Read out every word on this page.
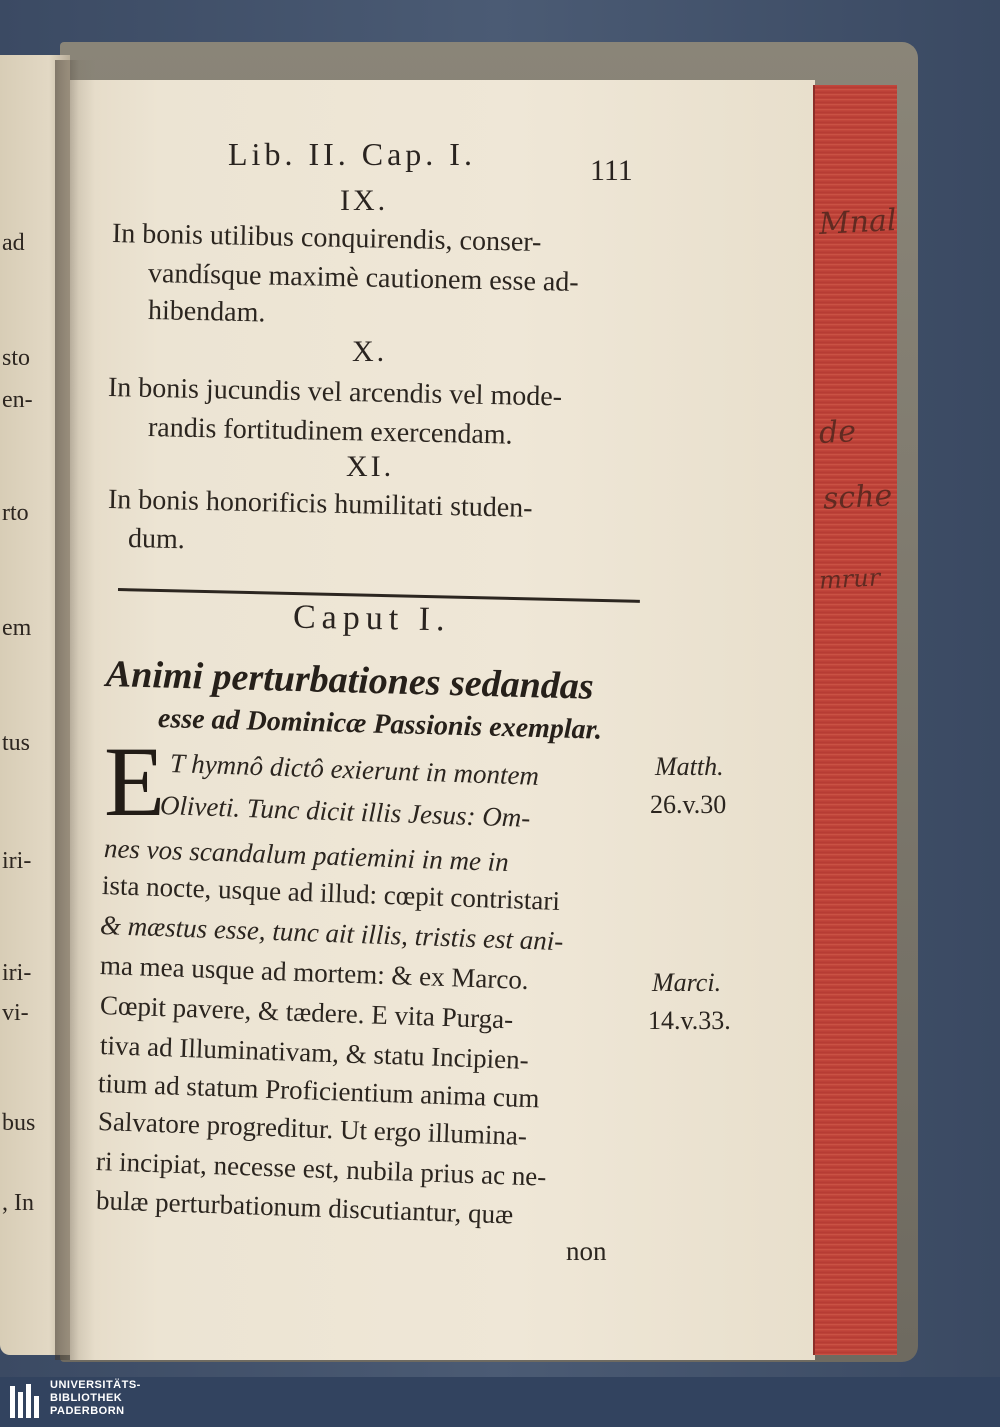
ad
sto
en-
rto
em
tus
iri-
iri-
vi-
bus
, In
Mnal
de
sche
mrur
Lib. II. Cap. I.	111
IX.
In bonis utilibus conquirendis, conser-
vandísque maximè cautionem esse ad-
hibendam.
X.
In bonis jucundis vel arcendis vel mode-
randis fortitudinem exercendam.
XI.
In bonis honorificis humilitati studen-
dum.
Caput I.
Animi perturbationes sedandas
esse ad Dominicæ Passionis exemplar.
E T hymnô dictô exierunt in montem
Oliveti. Tunc dicit illis Jesus: Om-
nes vos scandalum patiemini in me in
ista nocte, usque ad illud: cœpit contristari
& mæstus esse, tunc ait illis, tristis est ani-
ma mea usque ad mortem: & ex Marco.
Cœpit pavere, & tædere. E vita Purga-
tiva ad Illuminativam, & statu Incipien-
tium ad statum Proficientium anima cum
Salvatore progreditur. Ut ergo illumina-
ri incipiat, necesse est, nubila prius ac ne-
bulæ perturbationum discutiantur, quæ
non
Matth.
26.v.30
Marci.
14.v.33.
UNIVERSITÄTS-
BIBLIOTHEK
PADERBORN
